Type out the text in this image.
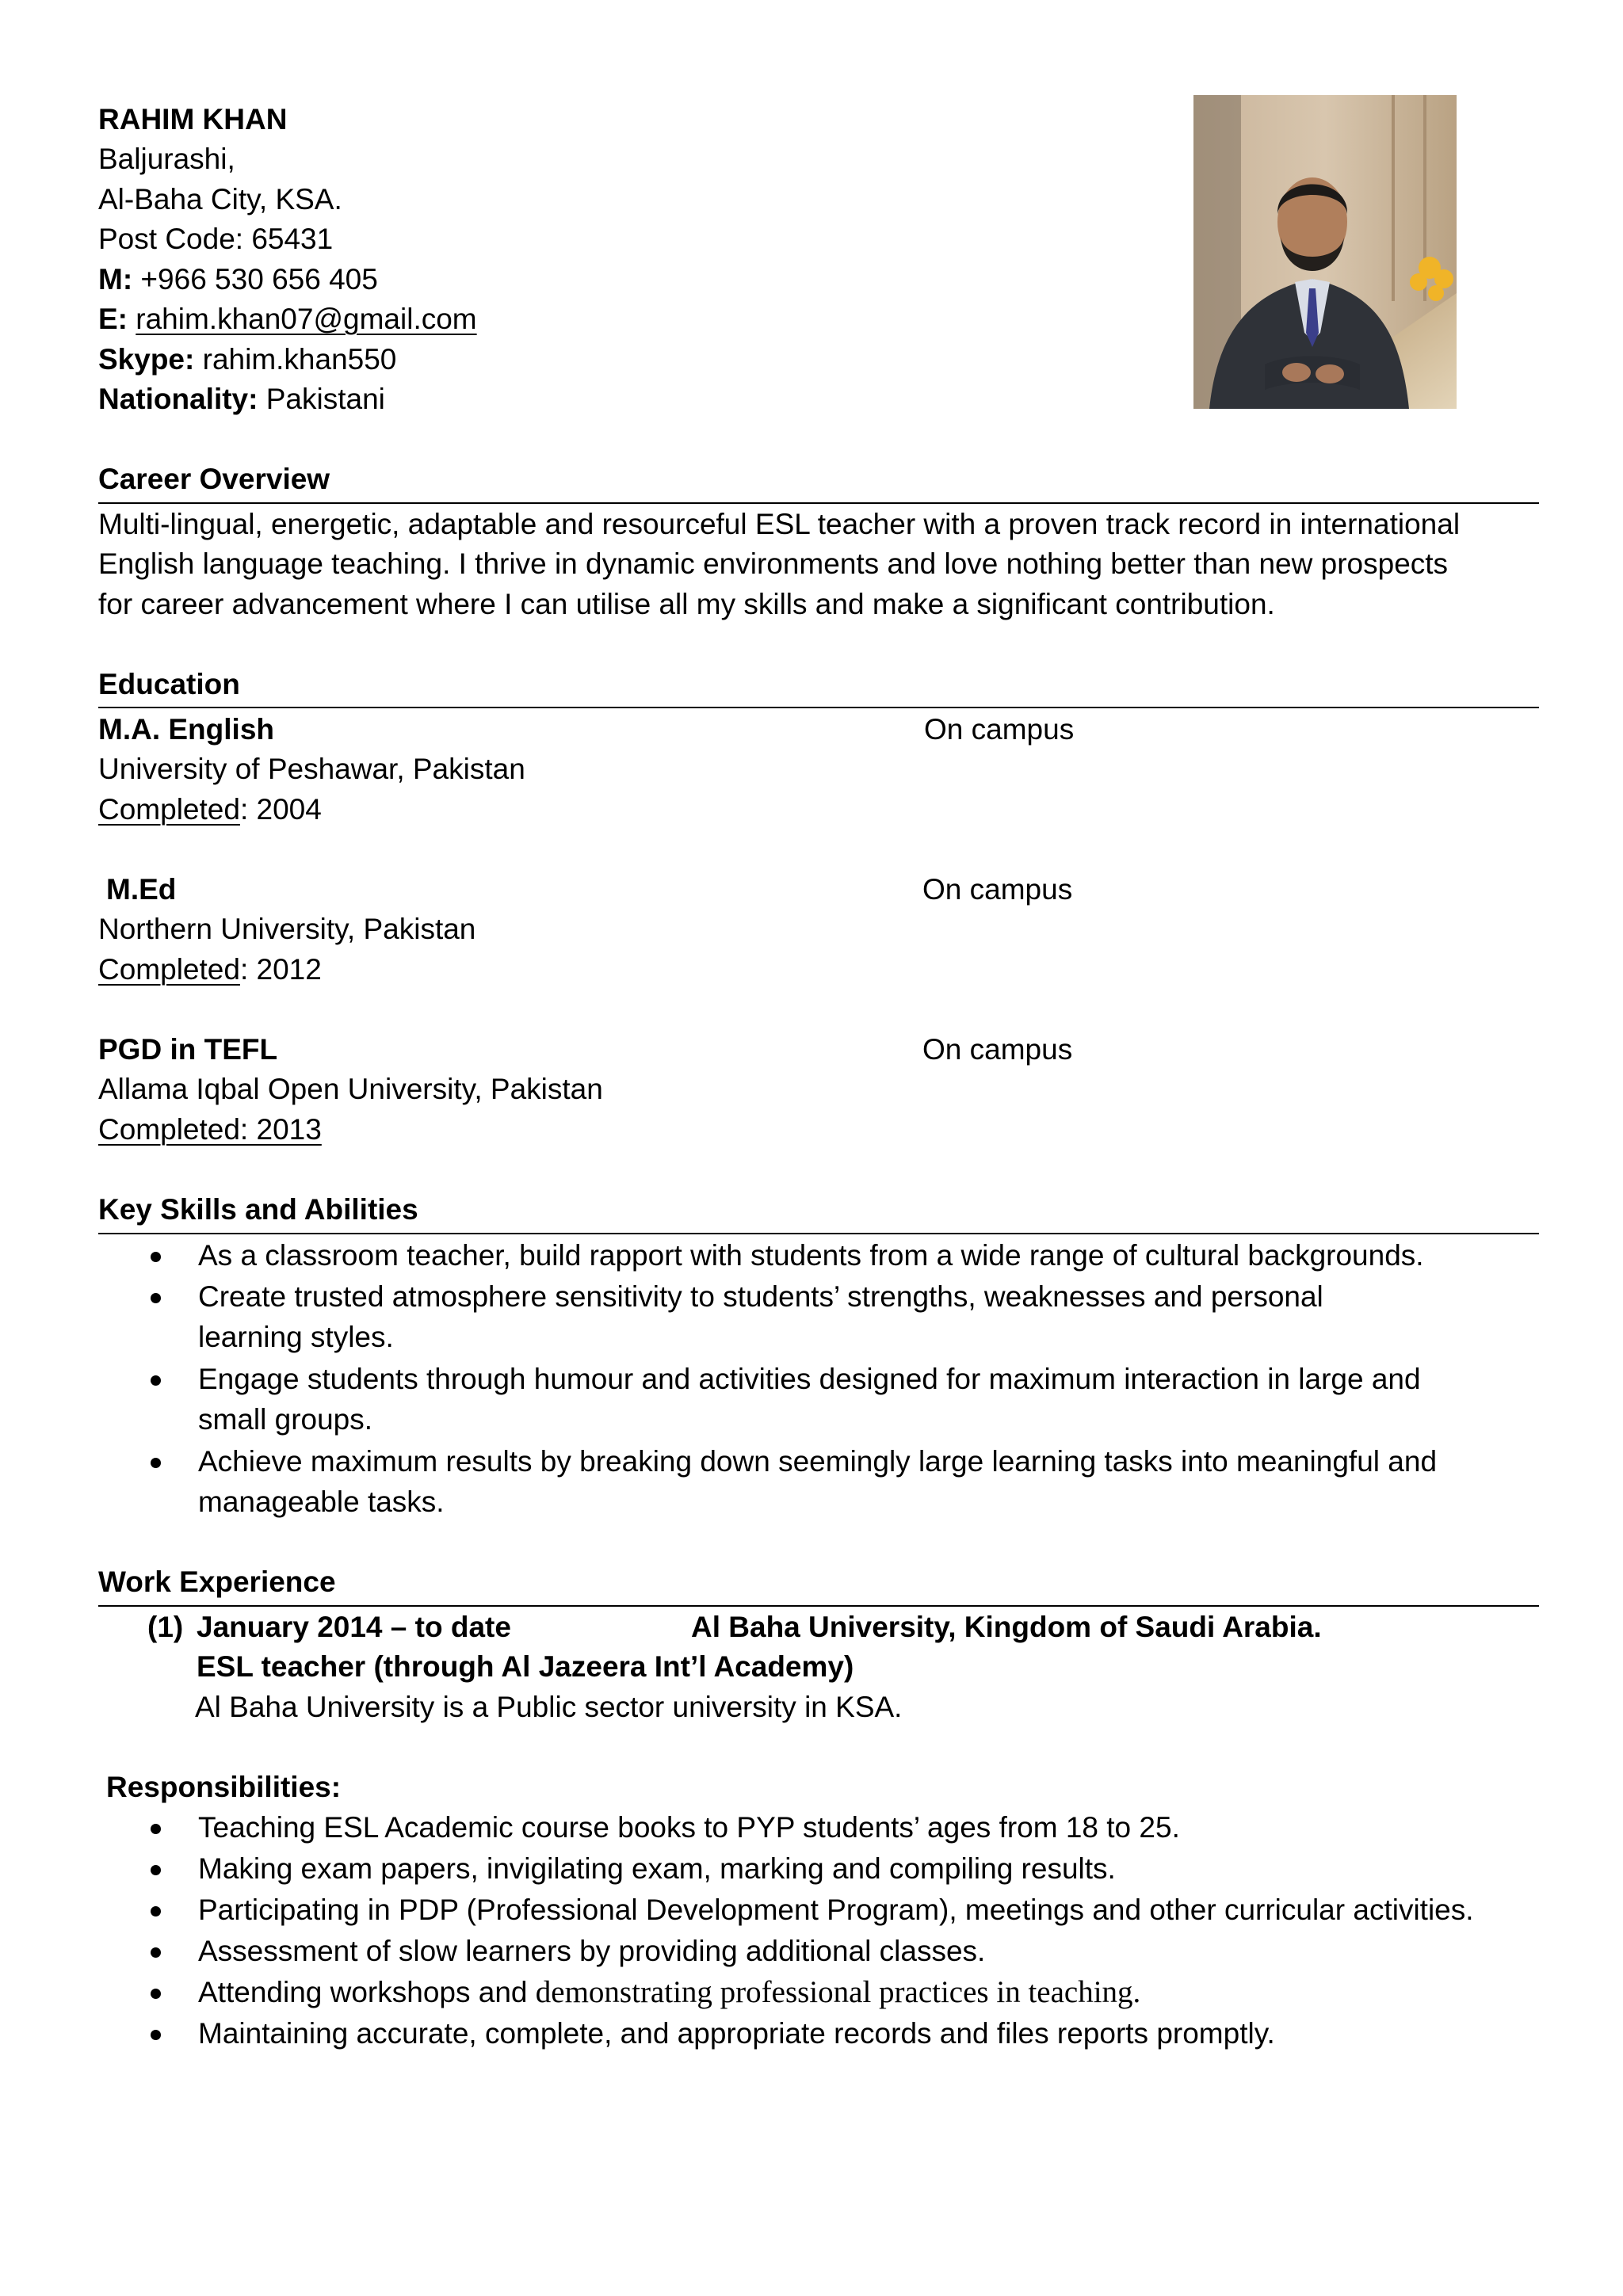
RAHIM KHAN
Baljurashi,
Al-Baha City, KSA.
Post Code: 65431
M: +966 530 656 405
E: rahim.khan07@gmail.com
Skype: rahim.khan550
Nationality: Pakistani
Career Overview
Multi-lingual, energetic, adaptable and resourceful ESL teacher with a proven track record in international
English language teaching. I thrive in dynamic environments and love nothing better than new prospects
for career advancement where I can utilise all my skills and make a significant contribution.
Education
M.A. English	On campus
University of Peshawar, Pakistan
Completed: 2004
M.Ed	On campus
Northern University, Pakistan
Completed: 2012
PGD in TEFL	On campus
Allama Iqbal Open University, Pakistan
Completed: 2013
Key Skills and Abilities
As a classroom teacher, build rapport with students from a wide range of cultural backgrounds.
Create trusted atmosphere sensitivity to students’ strengths, weaknesses and personal
learning styles.
Engage students through humour and activities designed for maximum interaction in large and
small groups.
Achieve maximum results by breaking down seemingly large learning tasks into meaningful and
manageable tasks.
Work Experience
(1) January 2014 – to date	Al Baha University, Kingdom of Saudi Arabia.
ESL teacher (through Al Jazeera Int’l Academy)
Al Baha University is a Public sector university in KSA.
Responsibilities:
Teaching ESL Academic course books to PYP students’ ages from 18 to 25.
Making exam papers, invigilating exam, marking and compiling results.
Participating in PDP (Professional Development Program), meetings and other curricular activities.
Assessment of slow learners by providing additional classes.
Attending workshops and demonstrating professional practices in teaching.
Maintaining accurate, complete, and appropriate records and files reports promptly.
